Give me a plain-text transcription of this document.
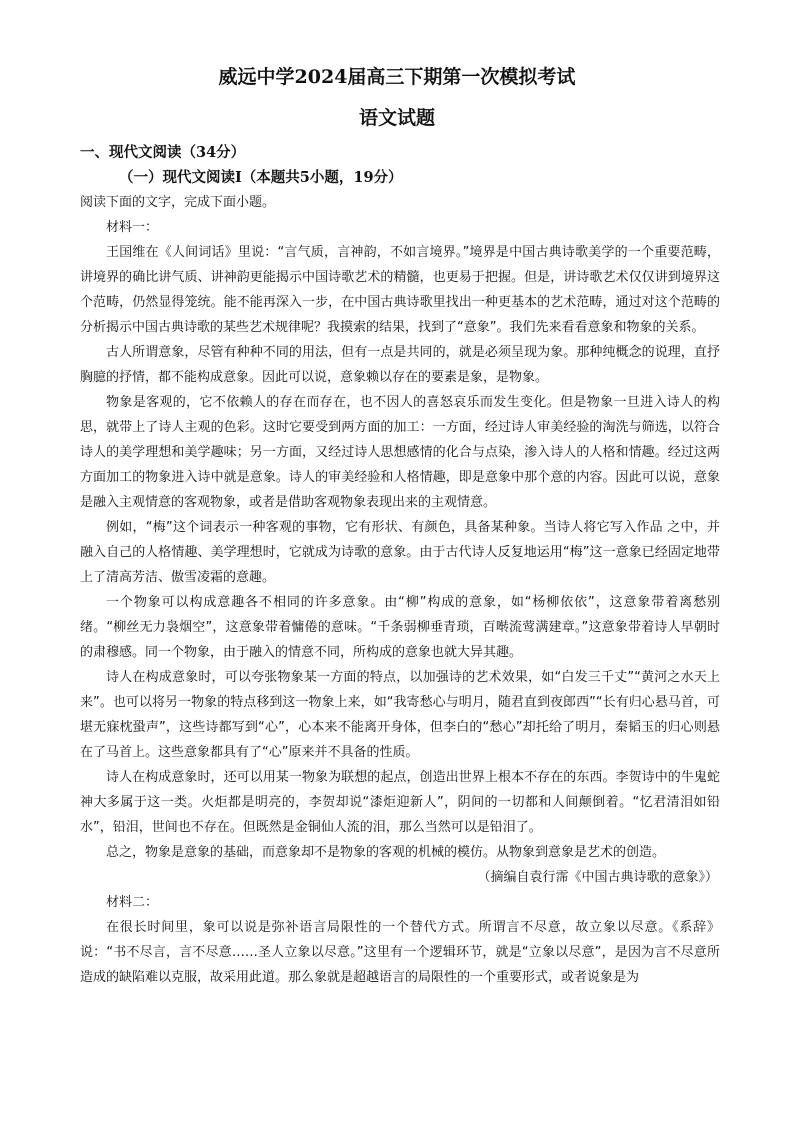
威远中学2024届高三下期第一次模拟考试
语文试题

一、现代文阅读（34分）

（一）现代文阅读Ⅰ（本题共5小题，19分）

阅读下面的文字，完成下面小题。

材料一：

王国维在《人间词话》里说：“言气质，言神韵，不如言境界。”境界是中国古典诗歌美学的一个重要范畴，讲境界的确比讲气质、讲神韵更能揭示中国诗歌艺术的精髓，也更易于把握。但是，讲诗歌艺术仅仅讲到境界这个范畴，仍然显得笼统。能不能再深入一步，在中国古典诗歌里找出一种更基本的艺术范畴，通过对这个范畴的分析揭示中国古典诗歌的某些艺术规律呢？我摸索的结果，找到了“意象”。我们先来看看意象和物象的关系。

古人所谓意象，尽管有种种不同的用法，但有一点是共同的，就是必须呈现为象。那种纯概念的说理，直抒胸臆的抒情，都不能构成意象。因此可以说，意象赖以存在的要素是象，是物象。

物象是客观的，它不依赖人的存在而存在，也不因人的喜怒哀乐而发生变化。但是物象一旦进入诗人的构思，就带上了诗人主观的色彩。这时它要受到两方面的加工：一方面，经过诗人审美经验的淘洗与筛选，以符合诗人的美学理想和美学趣味；另一方面，又经过诗人思想感情的化合与点染，渗入诗人的人格和情趣。经过这两方面加工的物象进入诗中就是意象。诗人的审美经验和人格情趣，即是意象中那个意的内容。因此可以说，意象是融入主观情意的客观物象，或者是借助客观物象表现出来的主观情意。

例如，“梅”这个词表示一种客观的事物，它有形状、有颜色，具备某种象。当诗人将它写入作品 之中，并融入自己的人格情趣、美学理想时，它就成为诗歌的意象。由于古代诗人反复地运用“梅”这一意象已经固定地带上了清高芳洁、傲雪凌霜的意趣。

一个物象可以构成意趣各不相同的许多意象。由“柳”构成的意象，如“杨柳依依”，这意象带着离愁别绪。“柳丝无力袅烟空”，这意象带着慵倦的意味。“千条弱柳垂青琐，百啭流莺满建章。”这意象带着诗人早朝时的肃穆感。同一个物象，由于融入的情意不同，所构成的意象也就大异其趣。

诗人在构成意象时，可以夸张物象某一方面的特点，以加强诗的艺术效果，如“白发三千丈”“黄河之水天上来”。也可以将另一物象的特点移到这一物象上来，如“我寄愁心与明月，随君直到夜郎西”“长有归心悬马首，可堪无寐枕蛩声”，这些诗都写到“心”，心本来不能离开身体，但李白的“愁心”却托给了明月，秦韬玉的归心则悬在了马首上。这些意象都具有了“心”原来并不具备的性质。

诗人在构成意象时，还可以用某一物象为联想的起点，创造出世界上根本不存在的东西。李贺诗中的牛鬼蛇神大多属于这一类。火炬都是明亮的，李贺却说“漆炬迎新人”，阴间的一切都和人间颠倒着。“忆君清泪如铅水”，铅泪，世间也不存在。但既然是金铜仙人流的泪，那么当然可以是铅泪了。

总之，物象是意象的基础，而意象却不是物象的客观的机械的模仿。从物象到意象是艺术的创造。

（摘编自袁行霈《中国古典诗歌的意象》）

材料二：

在很长时间里，象可以说是弥补语言局限性的一个替代方式。所谓言不尽意，故立象以尽意。《系辞》说：“书不尽言，言不尽意……圣人立象以尽意。”这里有一个逻辑环节，就是“立象以尽意”，是因为言不尽意所造成的缺陷难以克服，故采用此道。那么象就是超越语言的局限性的一个重要形式，或者说象是为
